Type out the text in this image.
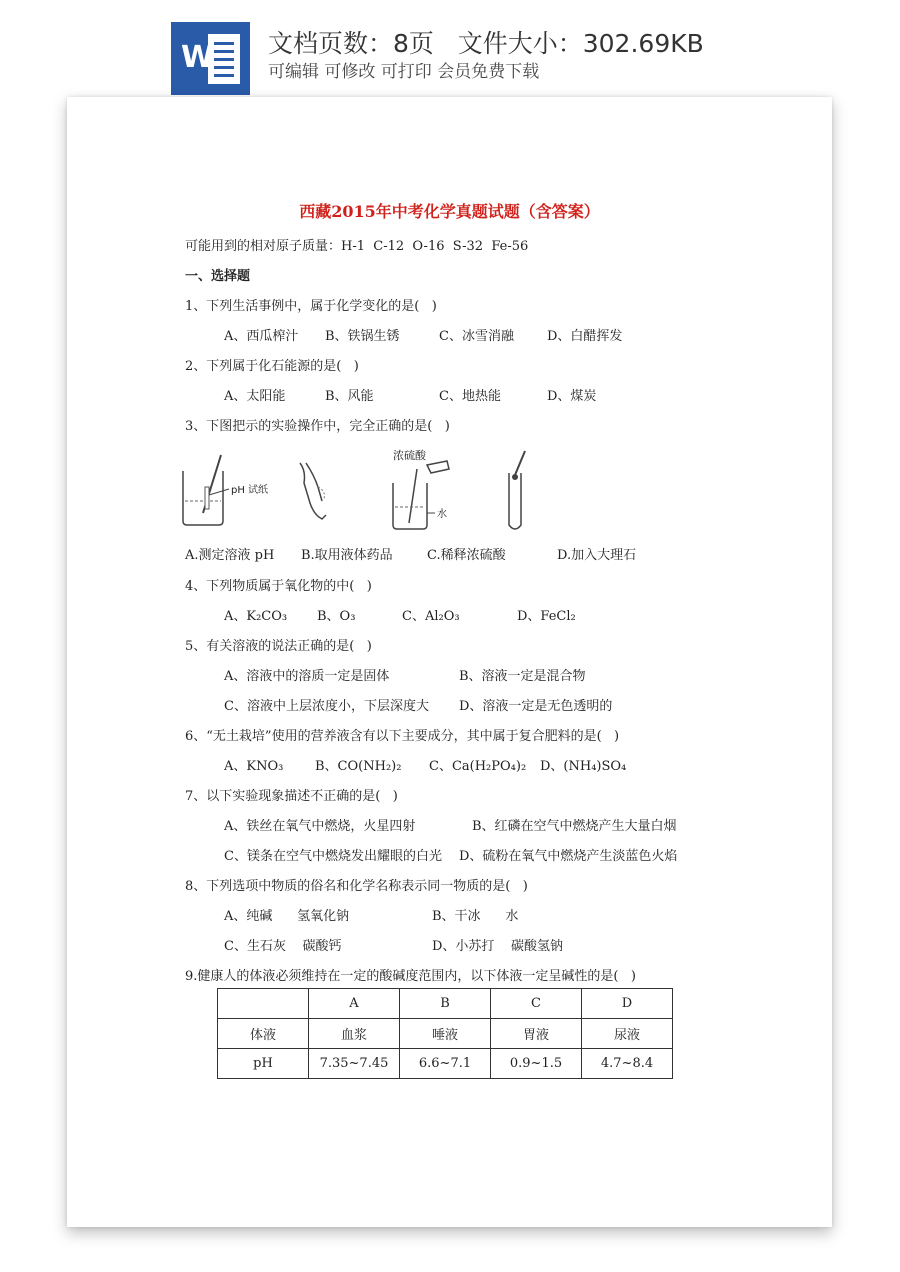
W 文档页数：8页   文件大小：302.69KB
可编辑 可修改 可打印 会员免费下载
西藏2015年中考化学真题试题（含答案）
可能用到的相对原子质量：H-1  C-12  O-16  S-32  Fe-56
一、选择题
1、下列生活事例中，属于化学变化的是(   )
A、西瓜榨汁 B、铁锅生锈	C、冰雪消融	D、白醋挥发
2、下列属于化石能源的是(   )
A、太阳能	B、风能	C、地热能	D、煤炭
3、下图把示的实验操作中，完全正确的是(   )
pH 试纸
浓硫酸
水
A.测定溶液 pH B.取用液体药品	C.稀释浓硫酸	D.加入大理石
4、下列物质属于氧化物的中(   )
A、K₂CO₃ B、O₃	C、Al₂O₃	D、FeCl₂
5、有关溶液的说法正确的是(   )
A、溶液中的溶质一定是固体	B、溶液一定是混合物
C、溶液中上层浓度小，下层深度大 D、溶液一定是无色透明的
6、“无土栽培”使用的营养液含有以下主要成分，其中属于复合肥料的是(   )
A、KNO₃ B、CO(NH₂)₂ C、Ca(H₂PO₄)₂ D、(NH₄)SO₄
7、以下实验现象描述不正确的是(   )
A、铁丝在氧气中燃烧，火星四射	B、红磷在空气中燃烧产生大量白烟
C、镁条在空气中燃烧发出耀眼的白光 D、硫粉在氧气中燃烧产生淡蓝色火焰
8、下列选项中物质的俗名和化学名称表示同一物质的是(   )
A、纯碱      氢氧化钠	B、干冰      水
C、生石灰    碳酸钙	D、小苏打    碳酸氢钠
9.健康人的体液必须维持在一定的酸碱度范围内，以下体液一定呈碱性的是(   )
	A	B	C	D
体液	血浆	唾液	胃液	尿液
pH	7.35~7.45	6.6~7.1	0.9~1.5	4.7~8.4
